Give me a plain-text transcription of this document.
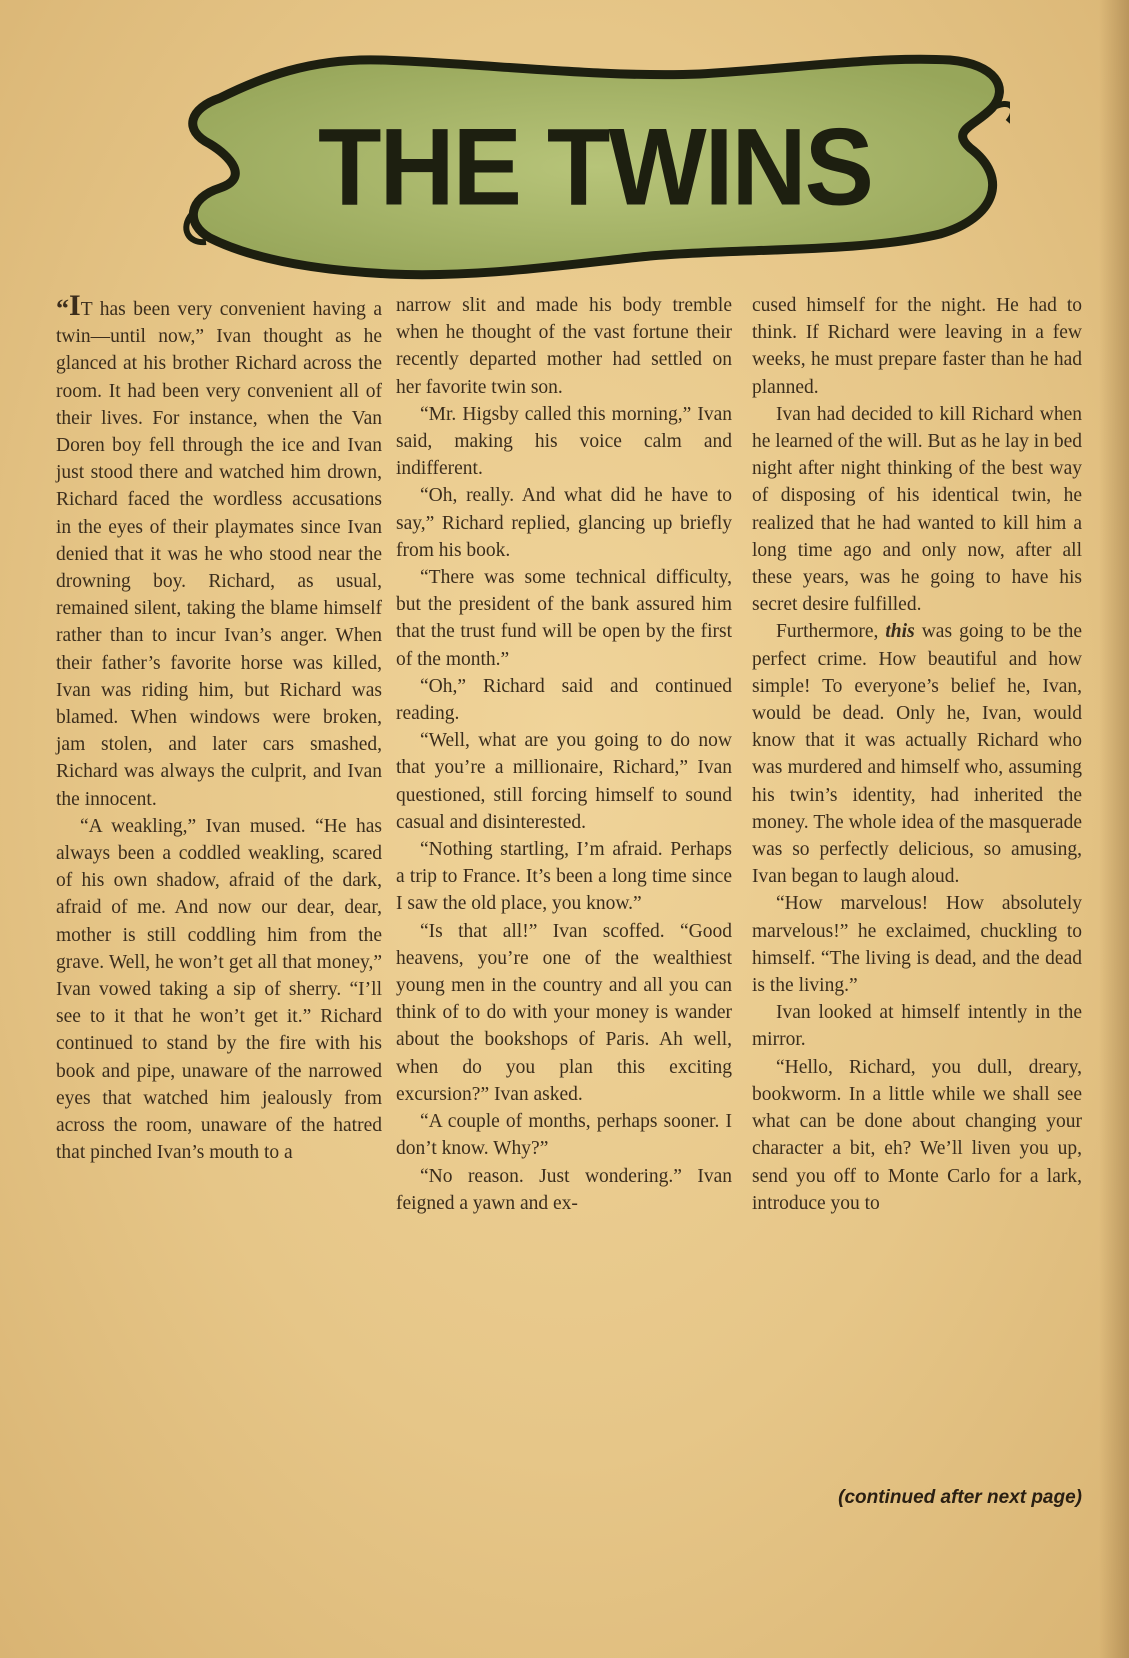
THE TWINS

“IT has been very convenient having a twin—until now,” Ivan thought as he glanced at his brother Richard across the room. It had been very convenient all of their lives. For instance, when the Van Doren boy fell through the ice and Ivan just stood there and watched him drown, Richard faced the wordless accusations in the eyes of their playmates since Ivan denied that it was he who stood near the drowning boy. Richard, as usual, remained silent, taking the blame himself rather than to incur Ivan’s anger. When their father’s favorite horse was killed, Ivan was riding him, but Richard was blamed. When windows were broken, jam stolen, and later cars smashed, Richard was always the culprit, and Ivan the innocent.

“A weakling,” Ivan mused. “He has always been a coddled weakling, scared of his own shadow, afraid of the dark, afraid of me. And now our dear, dear, mother is still coddling him from the grave. Well, he won’t get all that money,” Ivan vowed taking a sip of sherry. “I’ll see to it that he won’t get it.” Richard continued to stand by the fire with his book and pipe, unaware of the narrowed eyes that watched him jealously from across the room, unaware of the hatred that pinched Ivan’s mouth to a

narrow slit and made his body tremble when he thought of the vast fortune their recently departed mother had settled on her favorite twin son.

“Mr. Higsby called this morning,” Ivan said, making his voice calm and indifferent.

“Oh, really. And what did he have to say,” Richard replied, glancing up briefly from his book.

“There was some technical difficulty, but the president of the bank assured him that the trust fund will be open by the first of the month.”

“Oh,” Richard said and continued reading.

“Well, what are you going to do now that you’re a millionaire, Richard,” Ivan questioned, still forcing himself to sound casual and disinterested.

“Nothing startling, I’m afraid. Perhaps a trip to France. It’s been a long time since I saw the old place, you know.”

“Is that all!” Ivan scoffed. “Good heavens, you’re one of the wealthiest young men in the country and all you can think of to do with your money is wander about the bookshops of Paris. Ah well, when do you plan this exciting excursion?” Ivan asked.

“A couple of months, perhaps sooner. I don’t know. Why?”

“No reason. Just wondering.” Ivan feigned a yawn and ex-

cused himself for the night. He had to think. If Richard were leaving in a few weeks, he must prepare faster than he had planned.

Ivan had decided to kill Richard when he learned of the will. But as he lay in bed night after night thinking of the best way of disposing of his identical twin, he realized that he had wanted to kill him a long time ago and only now, after all these years, was he going to have his secret desire fulfilled.

Furthermore, this was going to be the perfect crime. How beautiful and how simple! To everyone’s belief he, Ivan, would be dead. Only he, Ivan, would know that it was actually Richard who was murdered and himself who, assuming his twin’s identity, had inherited the money. The whole idea of the masquerade was so perfectly delicious, so amusing, Ivan began to laugh aloud.

“How marvelous! How absolutely marvelous!” he exclaimed, chuckling to himself. “The living is dead, and the dead is the living.”

Ivan looked at himself intently in the mirror.

“Hello, Richard, you dull, dreary, bookworm. In a little while we shall see what can be done about changing your character a bit, eh? We’ll liven you up, send you off to Monte Carlo for a lark, introduce you to

(continued after next page)
